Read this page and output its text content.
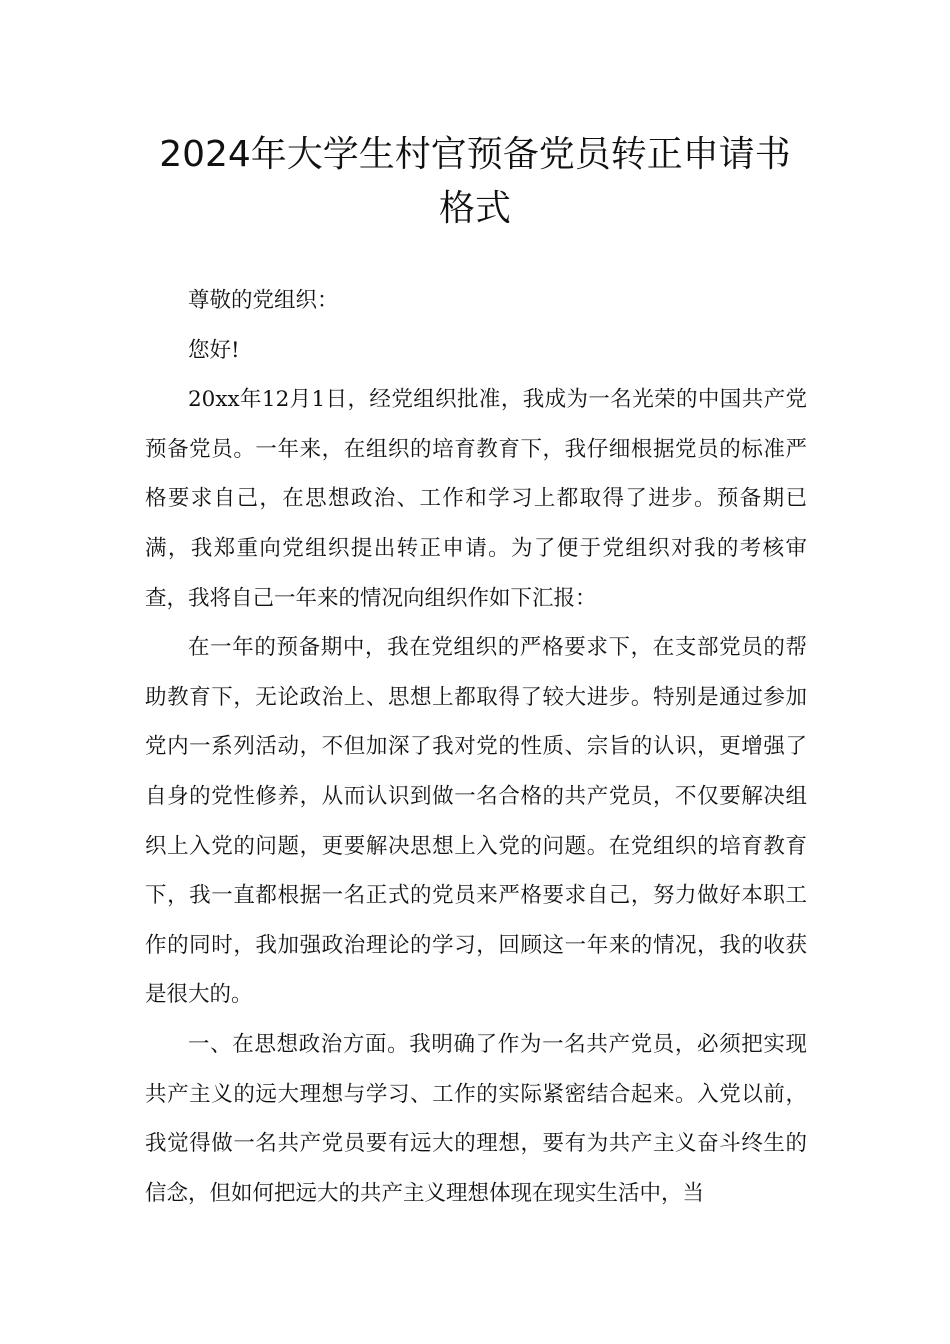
2024年大学生村官预备党员转正申请书
格式

尊敬的党组织：

您好!

20xx年12月1日，经党组织批准，我成为一名光荣的中国共产党预备党员。一年来，在组织的培育教育下，我仔细根据党员的标准严格要求自己，在思想政治、工作和学习上都取得了进步。预备期已满，我郑重向党组织提出转正申请。为了便于党组织对我的考核审查，我将自己一年来的情况向组织作如下汇报：

在一年的预备期中，我在党组织的严格要求下，在支部党员的帮助教育下，无论政治上、思想上都取得了较大进步。特别是通过参加党内一系列活动，不但加深了我对党的性质、宗旨的认识，更增强了自身的党性修养，从而认识到做一名合格的共产党员，不仅要解决组织上入党的问题，更要解决思想上入党的问题。在党组织的培育教育下，我一直都根据一名正式的党员来严格要求自己，努力做好本职工作的同时，我加强政治理论的学习，回顾这一年来的情况，我的收获是很大的。

一、在思想政治方面。我明确了作为一名共产党员，必须把实现共产主义的远大理想与学习、工作的实际紧密结合起来。入党以前，我觉得做一名共产党员要有远大的理想，要有为共产主义奋斗终生的信念，但如何把远大的共产主义理想体现在现实生活中，当
